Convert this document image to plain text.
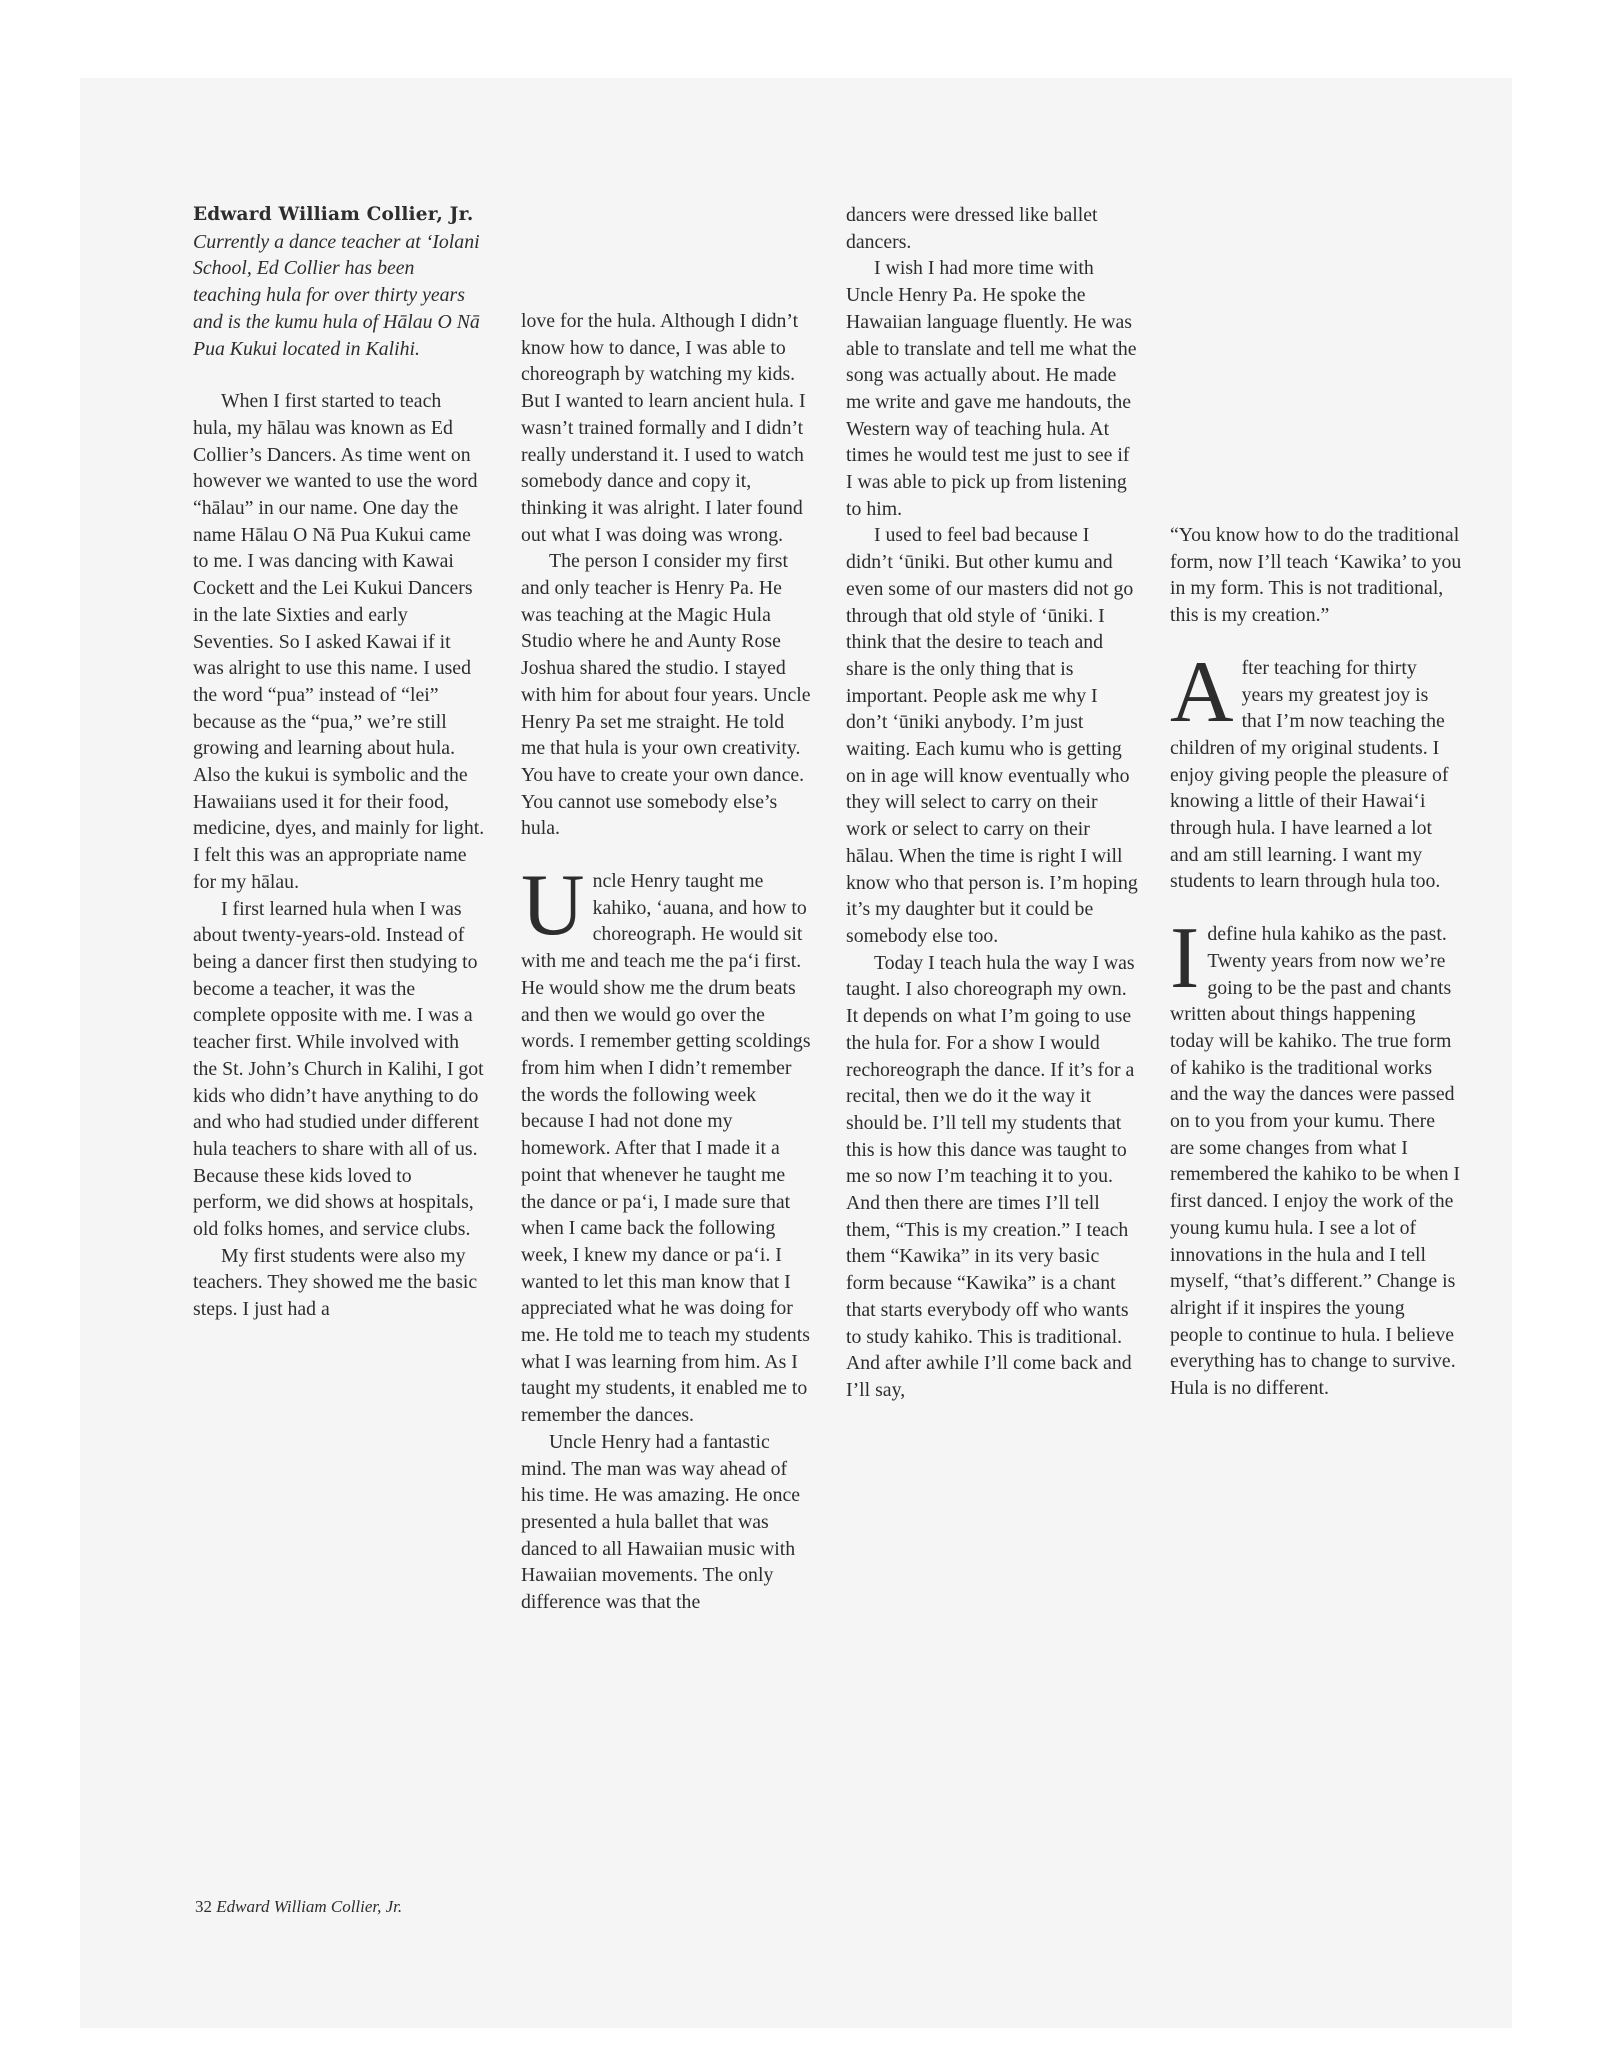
Edward William Collier, Jr.

Currently a dance teacher at ‘Iolani School, Ed Collier has been teaching hula for over thirty years and is the kumu hula of Hālau O Nā Pua Kukui located in Kalihi.

When I first started to teach hula, my hālau was known as Ed Collier’s Dancers. As time went on however we wanted to use the word “hālau” in our name. One day the name Hālau O Nā Pua Kukui came to me. I was dancing with Kawai Cockett and the Lei Kukui Dancers in the late Sixties and early Seventies. So I asked Kawai if it was alright to use this name. I used the word “pua” instead of “lei” because as the “pua,” we’re still growing and learning about hula. Also the kukui is symbolic and the Hawaiians used it for their food, medicine, dyes, and mainly for light. I felt this was an appropriate name for my hālau.

I first learned hula when I was about twenty-years-old. Instead of being a dancer first then studying to become a teacher, it was the complete opposite with me. I was a teacher first. While involved with the St. John’s Church in Kalihi, I got kids who didn’t have anything to do and who had studied under different hula teachers to share with all of us. Because these kids loved to perform, we did shows at hospitals, old folks homes, and service clubs.

My first students were also my teachers. They showed me the basic steps. I just had a

love for the hula. Although I didn’t know how to dance, I was able to choreograph by watching my kids. But I wanted to learn ancient hula. I wasn’t trained formally and I didn’t really understand it. I used to watch somebody dance and copy it, thinking it was alright. I later found out what I was doing was wrong.

The person I consider my first and only teacher is Henry Pa. He was teaching at the Magic Hula Studio where he and Aunty Rose Joshua shared the studio. I stayed with him for about four years. Uncle Henry Pa set me straight. He told me that hula is your own creativity. You have to create your own dance. You cannot use somebody else’s hula.

Uncle Henry taught me kahiko, ‘auana, and how to choreograph. He would sit with me and teach me the pa‘i first. He would show me the drum beats and then we would go over the words. I remember getting scoldings from him when I didn’t remember the words the following week because I had not done my homework. After that I made it a point that whenever he taught me the dance or pa‘i, I made sure that when I came back the following week, I knew my dance or pa‘i. I wanted to let this man know that I appreciated what he was doing for me. He told me to teach my students what I was learning from him. As I taught my students, it enabled me to remember the dances.

Uncle Henry had a fantastic mind. The man was way ahead of his time. He was amazing. He once presented a hula ballet that was danced to all Hawaiian music with Hawaiian movements. The only difference was that the

dancers were dressed like ballet dancers.

I wish I had more time with Uncle Henry Pa. He spoke the Hawaiian language fluently. He was able to translate and tell me what the song was actually about. He made me write and gave me handouts, the Western way of teaching hula. At times he would test me just to see if I was able to pick up from listening to him.

I used to feel bad because I didn’t ‘ūniki. But other kumu and even some of our masters did not go through that old style of ‘ūniki. I think that the desire to teach and share is the only thing that is important. People ask me why I don’t ‘ūniki anybody. I’m just waiting. Each kumu who is getting on in age will know eventually who they will select to carry on their work or select to carry on their hālau. When the time is right I will know who that person is. I’m hoping it’s my daughter but it could be somebody else too.

Today I teach hula the way I was taught. I also choreograph my own. It depends on what I’m going to use the hula for. For a show I would rechoreograph the dance. If it’s for a recital, then we do it the way it should be. I’ll tell my students that this is how this dance was taught to me so now I’m teaching it to you. And then there are times I’ll tell them, “This is my creation.” I teach them “Kawika” in its very basic form because “Kawika” is a chant that starts everybody off who wants to study kahiko. This is traditional. And after awhile I’ll come back and I’ll say,

“You know how to do the traditional form, now I’ll teach ‘Kawika’ to you in my form. This is not traditional, this is my creation.”

After teaching for thirty years my greatest joy is that I’m now teaching the children of my original students. I enjoy giving people the pleasure of knowing a little of their Hawai‘i through hula. I have learned a lot and am still learning. I want my students to learn through hula too.

Idefine hula kahiko as the past. Twenty years from now we’re going to be the past and chants written about things happening today will be kahiko. The true form of kahiko is the traditional works and the way the dances were passed on to you from your kumu. There are some changes from what I remembered the kahiko to be when I first danced. I enjoy the work of the young kumu hula. I see a lot of innovations in the hula and I tell myself, “that’s different.” Change is alright if it inspires the young people to continue to hula. I believe everything has to change to survive. Hula is no different.

32 Edward William Collier, Jr.
